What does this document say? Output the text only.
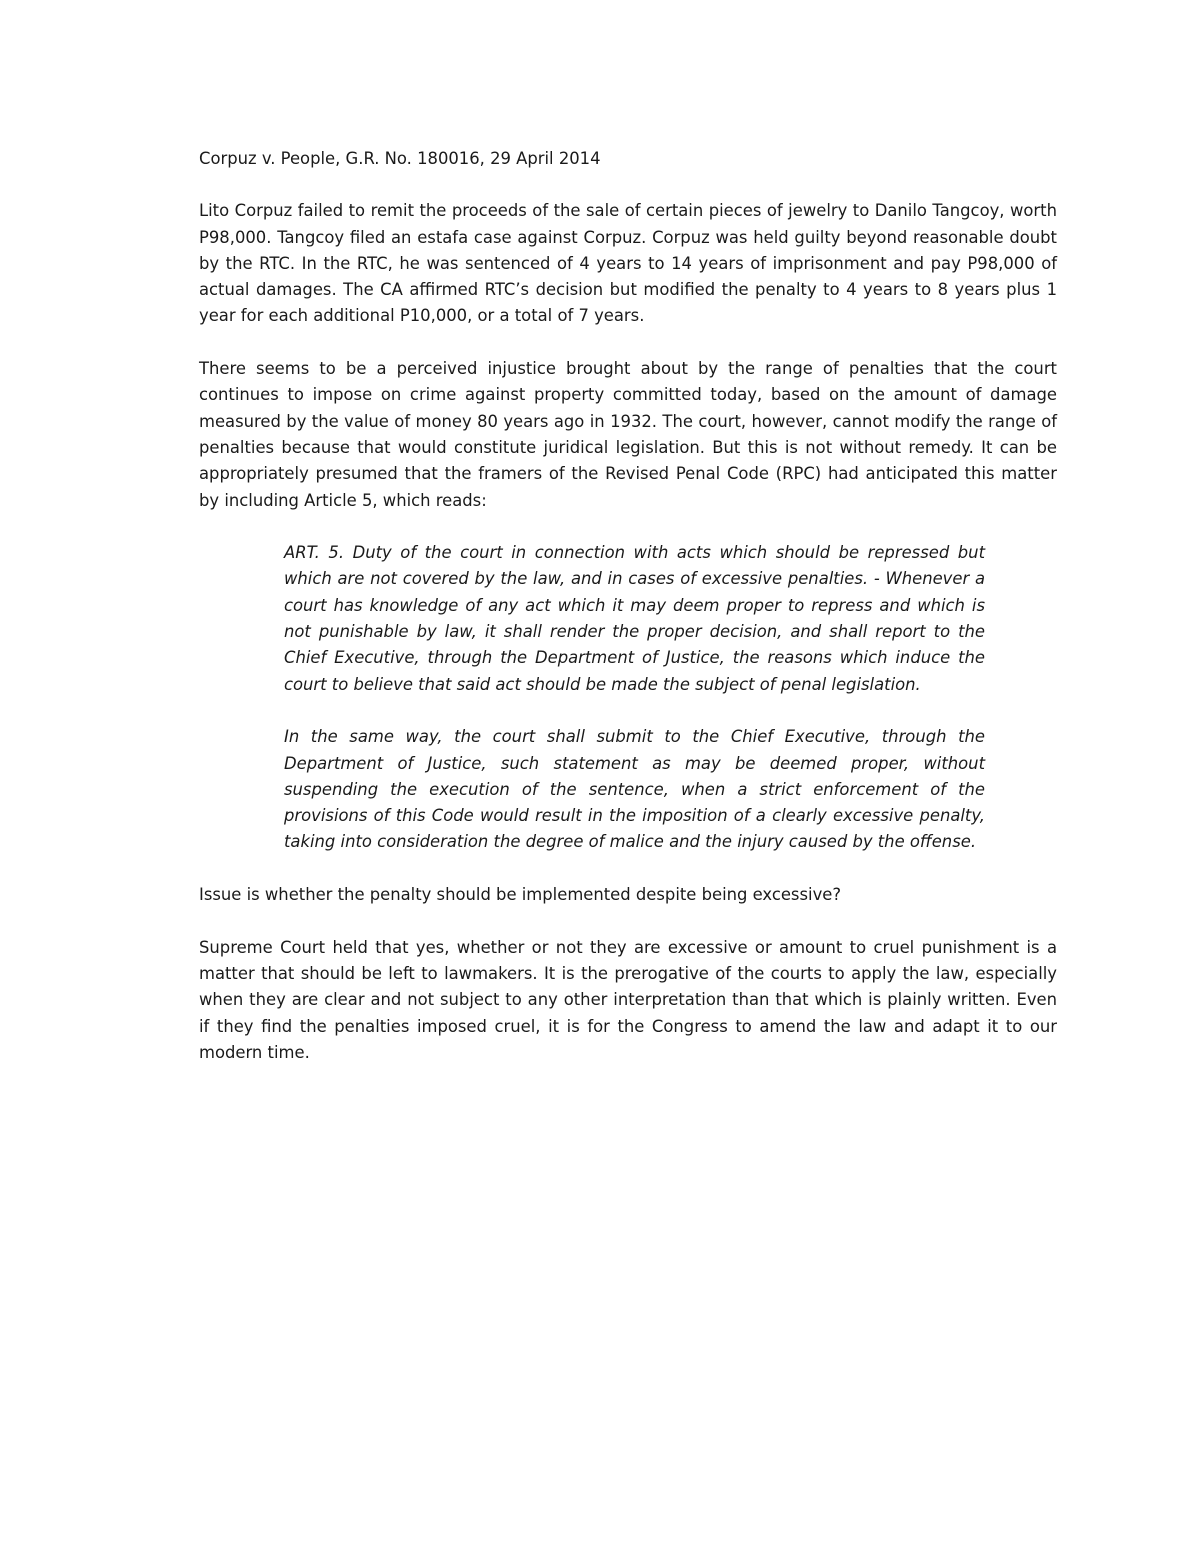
Corpuz v. People, G.R. No. 180016, 29 April 2014

Lito Corpuz failed to remit the proceeds of the sale of certain pieces of jewelry to Danilo Tangcoy, worth P98,000. Tangcoy filed an estafa case against Corpuz. Corpuz was held guilty beyond reasonable doubt by the RTC. In the RTC, he was sentenced of 4 years to 14 years of imprisonment and pay P98,000 of actual damages. The CA affirmed RTC’s decision but modified the penalty to 4 years to 8 years plus 1 year for each additional P10,000, or a total of 7 years.

There seems to be a perceived injustice brought about by the range of penalties that the court continues to impose on crime against property committed today, based on the amount of damage measured by the value of money 80 years ago in 1932. The court, however, cannot modify the range of penalties because that would constitute juridical legislation. But this is not without remedy. It can be appropriately presumed that the framers of the Revised Penal Code (RPC) had anticipated this matter by including Article 5, which reads:

ART. 5. Duty of the court in connection with acts which should be repressed but which are not covered by the law, and in cases of excessive penalties. - Whenever a court has knowledge of any act which it may deem proper to repress and which is not punishable by law, it shall render the proper decision, and shall report to the Chief Executive, through the Department of Justice, the reasons which induce the court to believe that said act should be made the subject of penal legislation.

In the same way, the court shall submit to the Chief Executive, through the Department of Justice, such statement as may be deemed proper, without suspending the execution of the sentence, when a strict enforcement of the provisions of this Code would result in the imposition of a clearly excessive penalty, taking into consideration the degree of malice and the injury caused by the offense.

Issue is whether the penalty should be implemented despite being excessive?

Supreme Court held that yes, whether or not they are excessive or amount to cruel punishment is a matter that should be left to lawmakers. It is the prerogative of the courts to apply the law, especially when they are clear and not subject to any other interpretation than that which is plainly written. Even if they find the penalties imposed cruel, it is for the Congress to amend the law and adapt it to our modern time.
